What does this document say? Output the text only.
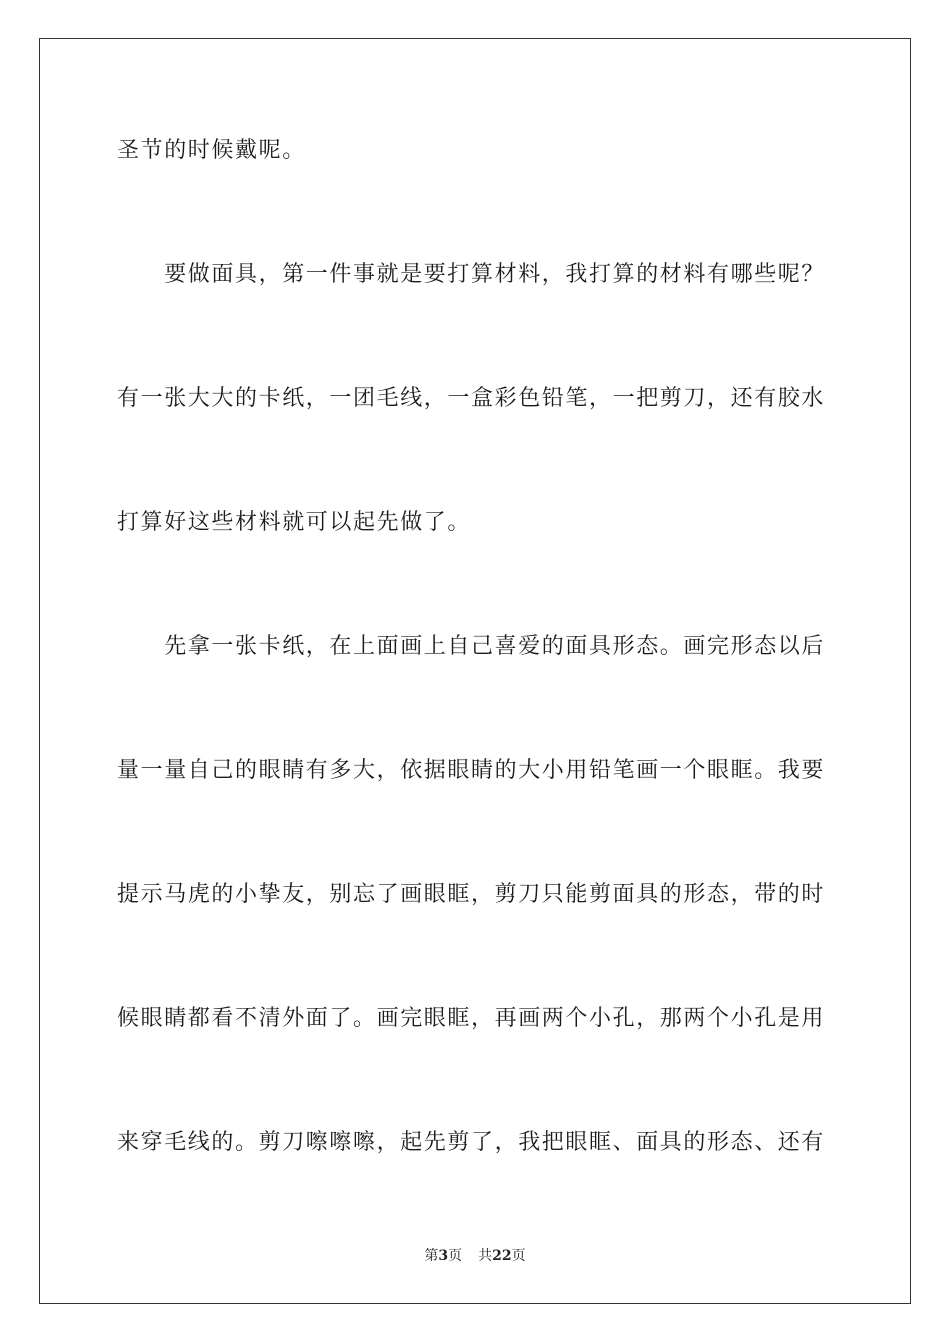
圣节的时候戴呢。
　　要做面具，第一件事就是要打算材料，我打算的材料有哪些呢？
有一张大大的卡纸，一团毛线，一盒彩色铅笔，一把剪刀，还有胶水
打算好这些材料就可以起先做了。
　　先拿一张卡纸，在上面画上自己喜爱的面具形态。画完形态以后
量一量自己的眼睛有多大，依据眼睛的大小用铅笔画一个眼眶。我要
提示马虎的小挚友，别忘了画眼眶，剪刀只能剪面具的形态，带的时
候眼睛都看不清外面了。画完眼眶，再画两个小孔，那两个小孔是用
来穿毛线的。剪刀嚓嚓嚓，起先剪了，我把眼眶、面具的形态、还有
第3页 共22页
